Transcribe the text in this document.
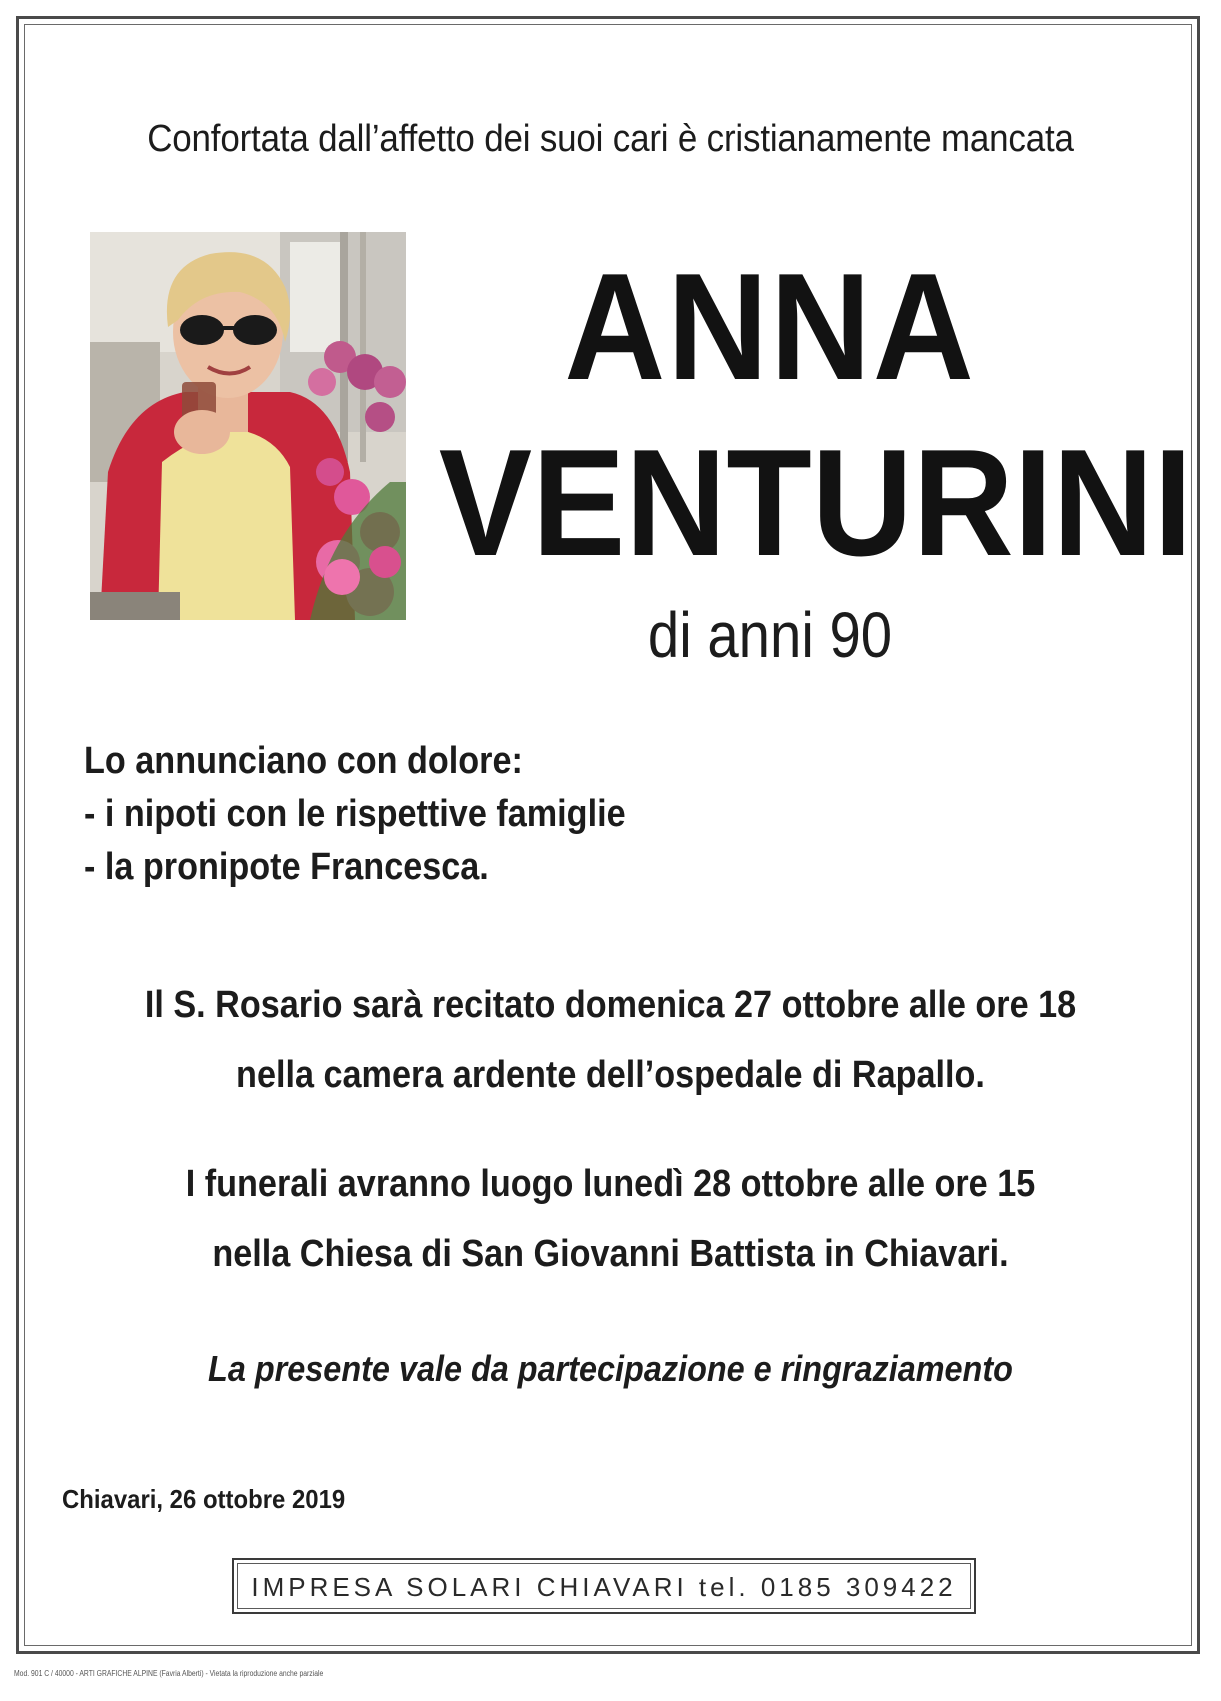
Confortata dall’affetto dei suoi cari è cristianamente mancata
ANNA
VENTURINI
di anni 90
Lo annunciano con dolore:
- i nipoti con le rispettive famiglie
- la pronipote Francesca.
Il S. Rosario sarà recitato domenica 27 ottobre alle ore 18
nella camera ardente dell’ospedale di Rapallo.
I funerali avranno luogo lunedì 28 ottobre alle ore 15
nella Chiesa di San Giovanni Battista in Chiavari.
La presente vale da partecipazione e ringraziamento
Chiavari, 26 ottobre 2019
IMPRESA SOLARI CHIAVARI tel. 0185 309422
Mod. 901 C / 40000 - ARTI GRAFICHE ALPINE (Favria Alberti) - Vietata la riproduzione anche parziale
